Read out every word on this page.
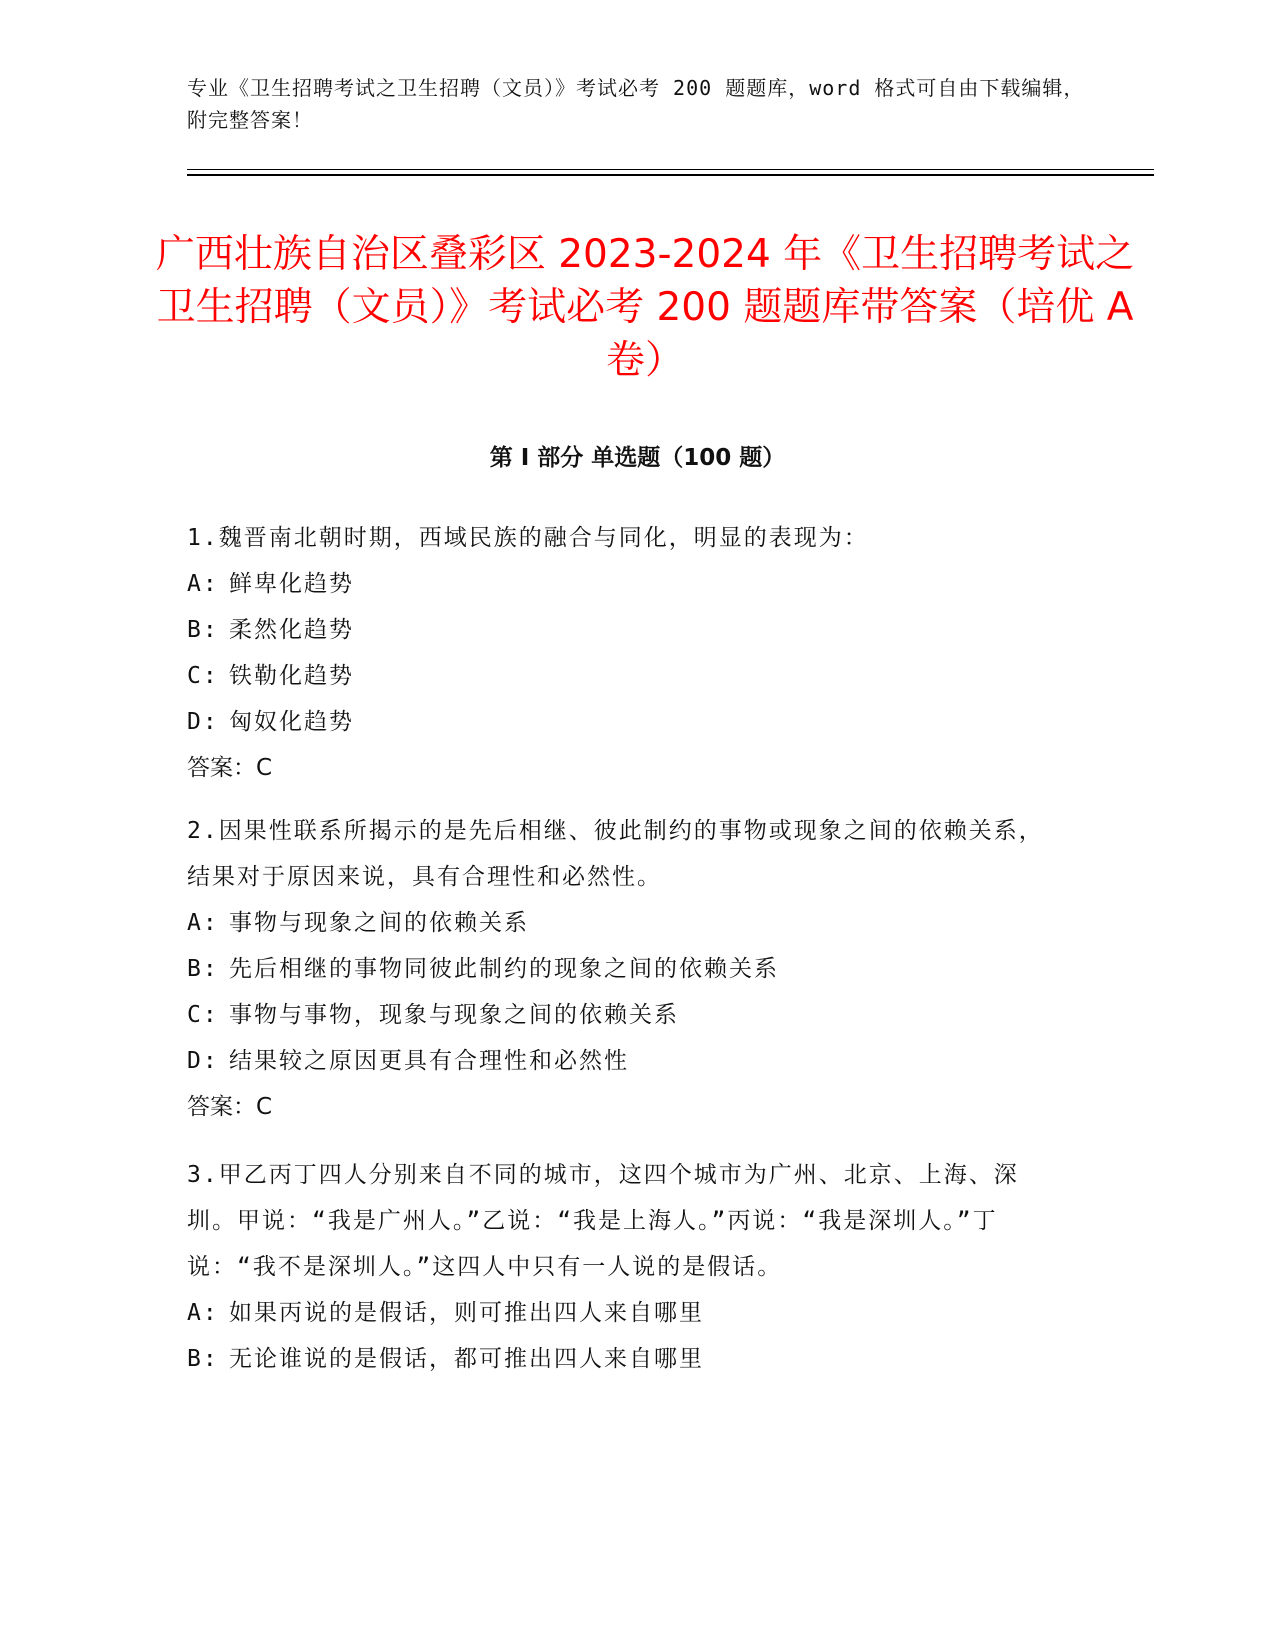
专业《卫生招聘考试之卫生招聘（文员）》考试必考 200 题题库，word 格式可自由下载编辑，附完整答案！
广西壮族自治区叠彩区 2023-2024 年《卫生招聘考试之卫生招聘（文员）》考试必考 200 题题库带答案（培优 A 卷）
第 I 部分 单选题（100 题）
1.魏晋南北朝时期，西域民族的融合与同化，明显的表现为：
A: 鲜卑化趋势
B: 柔然化趋势
C: 铁勒化趋势
D: 匈奴化趋势
答案：C
2.因果性联系所揭示的是先后相继、彼此制约的事物或现象之间的依赖关系，结果对于原因来说，具有合理性和必然性。
A: 事物与现象之间的依赖关系
B: 先后相继的事物同彼此制约的现象之间的依赖关系
C: 事物与事物，现象与现象之间的依赖关系
D: 结果较之原因更具有合理性和必然性
答案：C
3.甲乙丙丁四人分别来自不同的城市，这四个城市为广州、北京、上海、深圳。甲说：“我是广州人。”乙说：“我是上海人。”丙说：“我是深圳人。”丁说：“我不是深圳人。”这四人中只有一人说的是假话。
A: 如果丙说的是假话，则可推出四人来自哪里
B: 无论谁说的是假话，都可推出四人来自哪里
